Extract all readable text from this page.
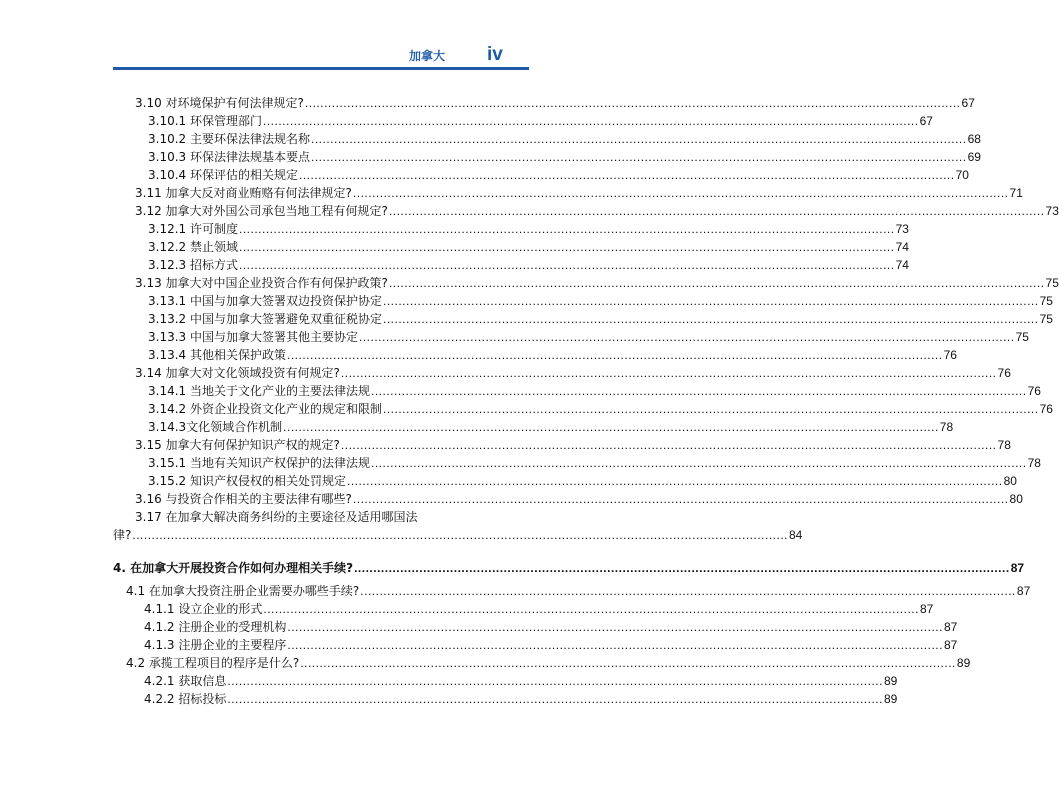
加拿大 iv
3.10 对环境保护有何法律规定? ........................................................................................................................................................................... 67
3.10.1 环保管理部门 ........................................................................................................................................................................... 67
3.10.2 主要环保法律法规名称 ........................................................................................................................................................................... 68
3.10.3 环保法律法规基本要点 ........................................................................................................................................................................... 69
3.10.4 环保评估的相关规定 ........................................................................................................................................................................... 70
3.11 加拿大反对商业贿赂有何法律规定? ........................................................................................................................................................................... 71
3.12 加拿大对外国公司承包当地工程有何规定? ........................................................................................................................................................................... 73
3.12.1 许可制度 ........................................................................................................................................................................... 73
3.12.2 禁止领域 ........................................................................................................................................................................... 74
3.12.3 招标方式 ........................................................................................................................................................................... 74
3.13 加拿大对中国企业投资合作有何保护政策? ........................................................................................................................................................................... 75
3.13.1 中国与加拿大签署双边投资保护协定 ........................................................................................................................................................................... 75
3.13.2 中国与加拿大签署避免双重征税协定 ........................................................................................................................................................................... 75
3.13.3 中国与加拿大签署其他主要协定 ........................................................................................................................................................................... 75
3.13.4 其他相关保护政策 ........................................................................................................................................................................... 76
3.14 加拿大对文化领域投资有何规定? ........................................................................................................................................................................... 76
3.14.1 当地关于文化产业的主要法律法规 ........................................................................................................................................................................... 76
3.14.2 外资企业投资文化产业的规定和限制 ........................................................................................................................................................................... 76
3.14.3文化领域合作机制 ........................................................................................................................................................................... 78
3.15 加拿大有何保护知识产权的规定? ........................................................................................................................................................................... 78
3.15.1 当地有关知识产权保护的法律法规 ........................................................................................................................................................................... 78
3.15.2 知识产权侵权的相关处罚规定 ........................................................................................................................................................................... 80
3.16 与投资合作相关的主要法律有哪些? ........................................................................................................................................................................... 80
3.17 在加拿大解决商务纠纷的主要途径及适用哪国法
律? ........................................................................................................................................................................... 84
4. 在加拿大开展投资合作如何办理相关手续? ........................................................................................................................................................................... 87
4.1 在加拿大投资注册企业需要办哪些手续? ........................................................................................................................................................................... 87
4.1.1 设立企业的形式 ........................................................................................................................................................................... 87
4.1.2 注册企业的受理机构 ........................................................................................................................................................................... 87
4.1.3 注册企业的主要程序 ........................................................................................................................................................................... 87
4.2 承揽工程项目的程序是什么? ........................................................................................................................................................................... 89
4.2.1 获取信息 ........................................................................................................................................................................... 89
4.2.2 招标投标 ........................................................................................................................................................................... 89
